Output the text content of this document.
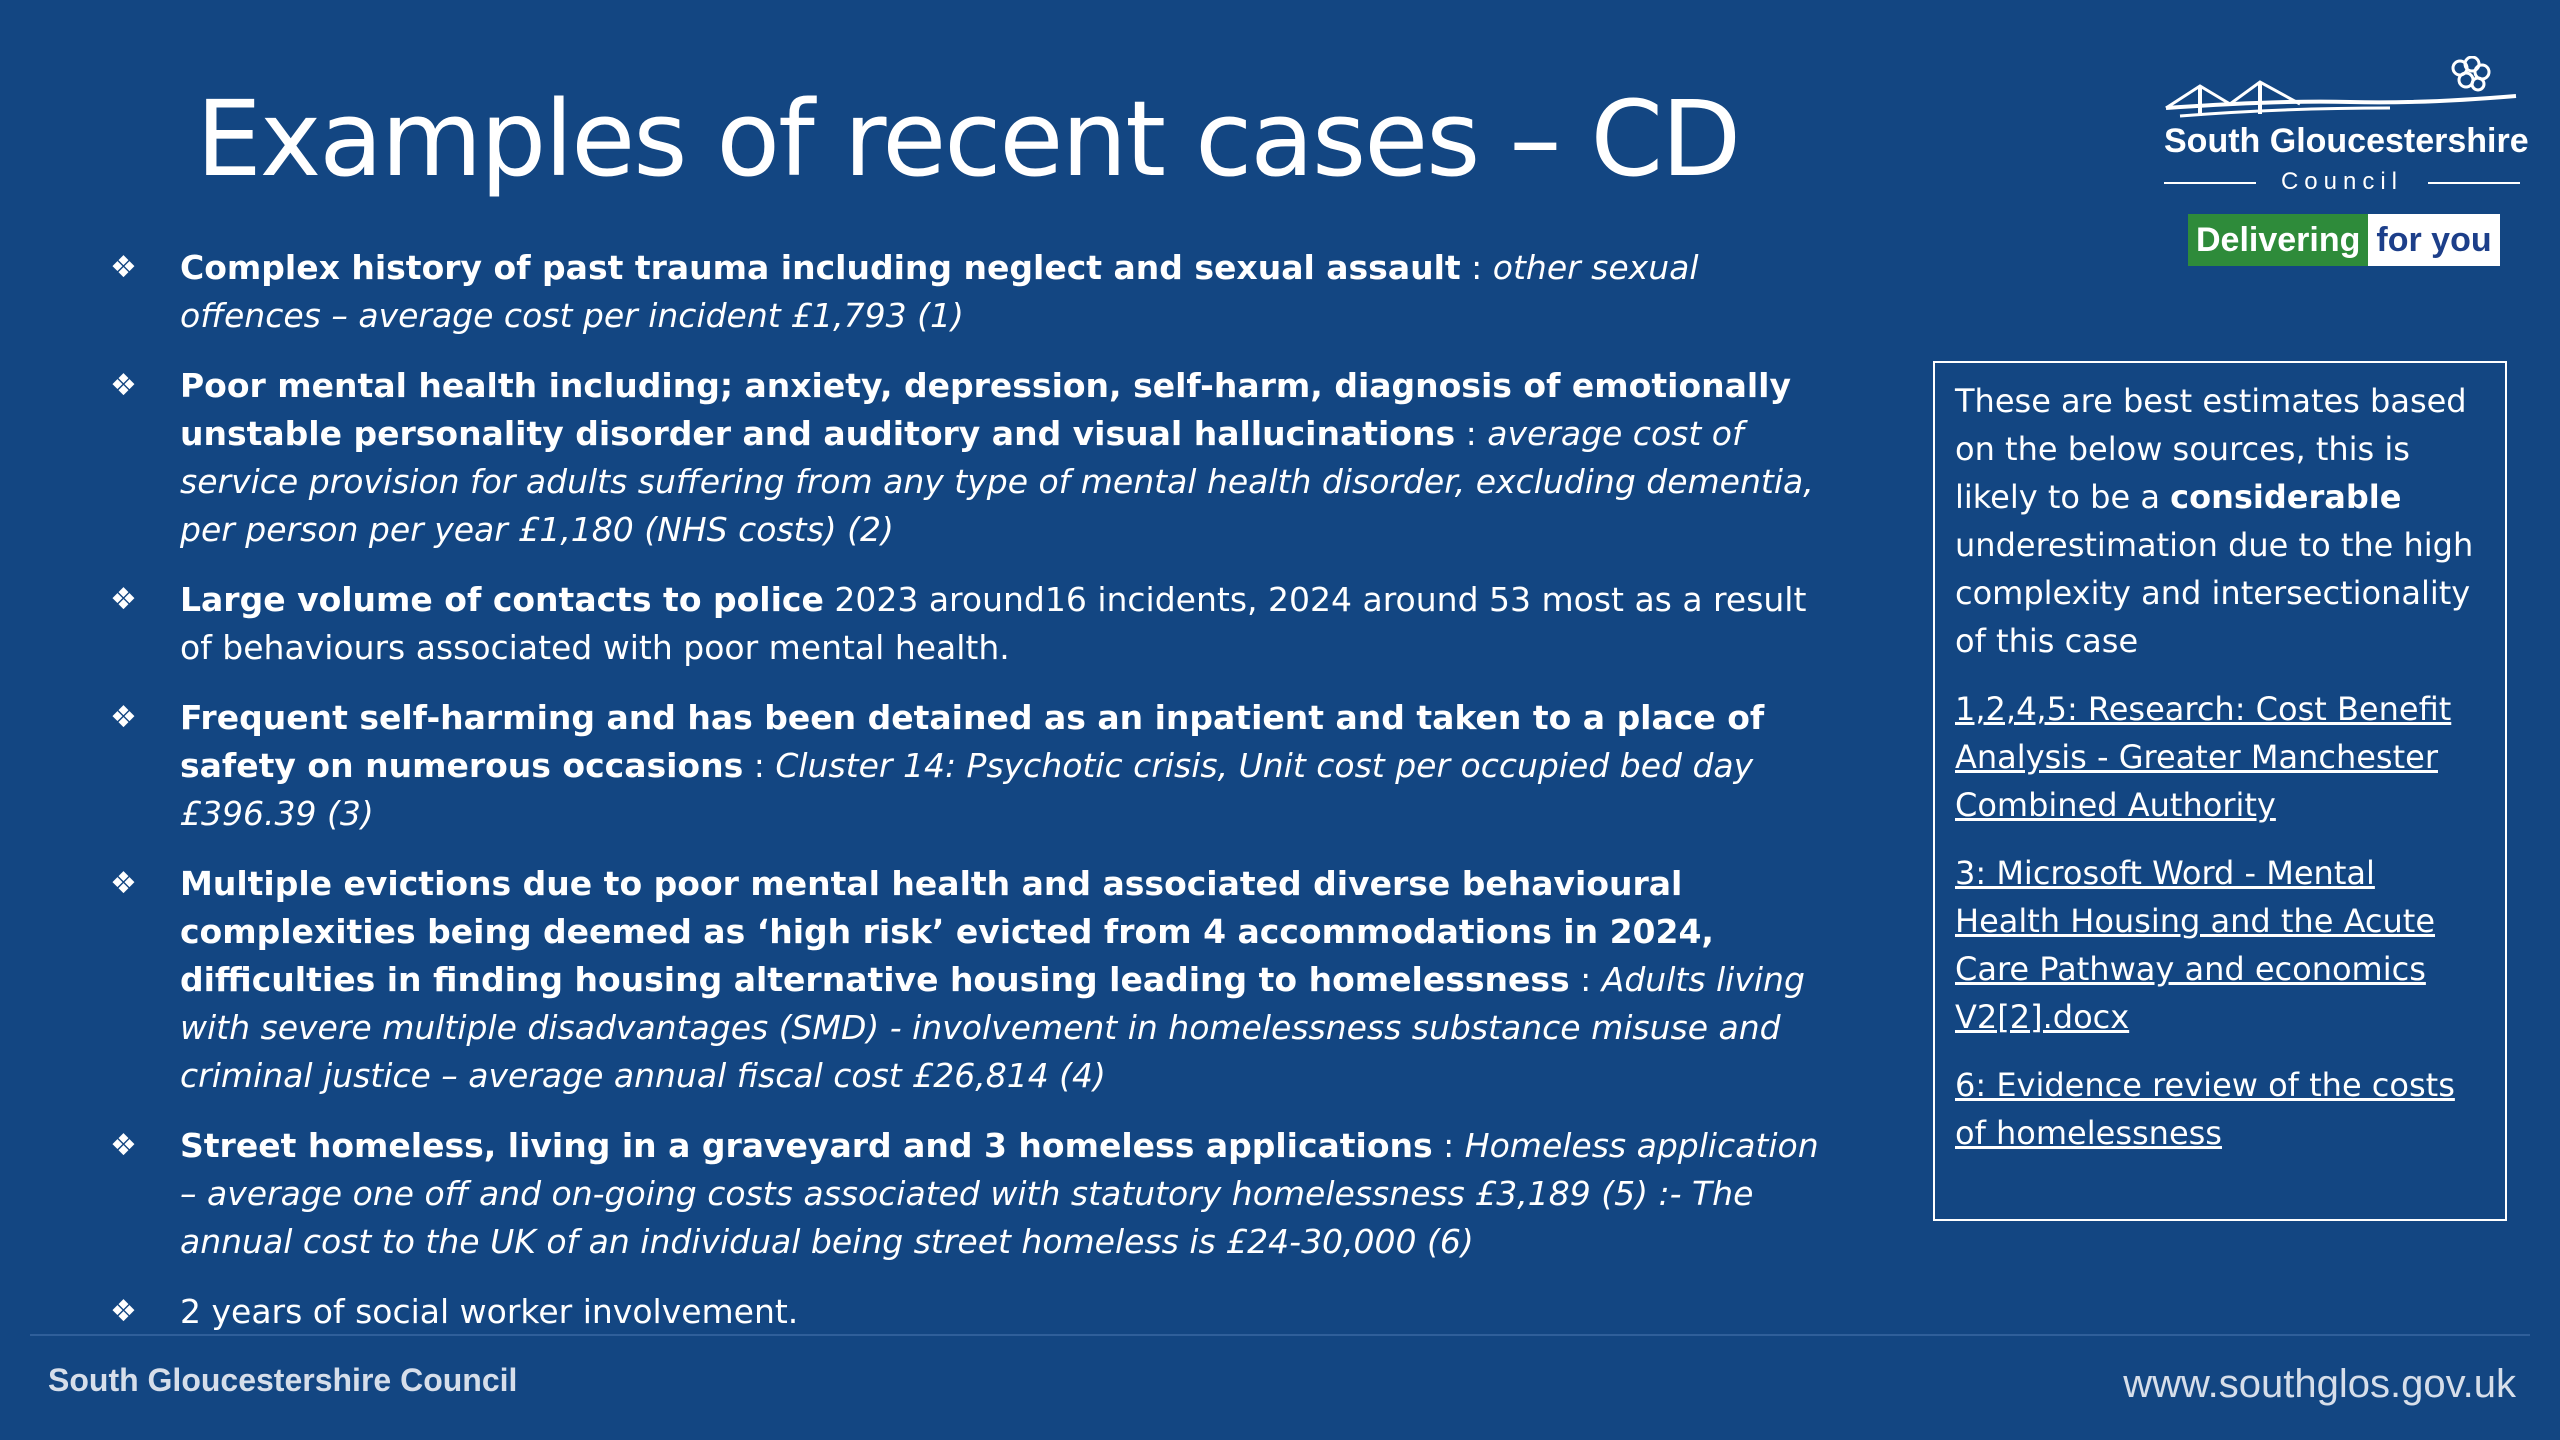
Examples of recent cases – CD
❖ Complex history of past trauma including neglect and sexual assault : other sexual offences – average cost per incident £1,793 (1)
❖ Poor mental health including; anxiety, depression, self-harm, diagnosis of emotionally unstable personality disorder and auditory and visual hallucinations : average cost of service provision for adults suffering from any type of mental health disorder, excluding dementia, per person per year £1,180 (NHS costs) (2)
❖ Large volume of contacts to police 2023 around16 incidents, 2024 around 53 most as a result of behaviours associated with poor mental health.
❖ Frequent self-harming and has been detained as an inpatient and taken to a place of safety on numerous occasions : Cluster 14: Psychotic crisis, Unit cost per occupied bed day £396.39 (3)
❖ Multiple evictions due to poor mental health and associated diverse behavioural complexities being deemed as ‘high risk’ evicted from 4 accommodations in 2024, difficulties in finding housing alternative housing leading to homelessness : Adults living with severe multiple disadvantages (SMD) - involvement in homelessness substance misuse and criminal justice – average annual fiscal cost £26,814 (4)
❖ Street homeless, living in a graveyard and 3 homeless applications : Homeless application – average one off and on-going costs associated with statutory homelessness £3,189 (5) :- The annual cost to the UK of an individual being street homeless is £24-30,000 (6)
❖ 2 years of social worker involvement.
South Gloucestershire
Council
Delivering for you

These are best estimates based on the below sources, this is likely to be a considerable underestimation due to the high complexity and intersectionality of this case

1,2,4,5: Research: Cost Benefit Analysis - Greater Manchester Combined Authority
3: Microsoft Word - Mental Health Housing and the Acute Care Pathway and economics V2[2].docx
6: Evidence review of the costs of homelessness
South Gloucestershire Council	www.southglos.gov.uk
